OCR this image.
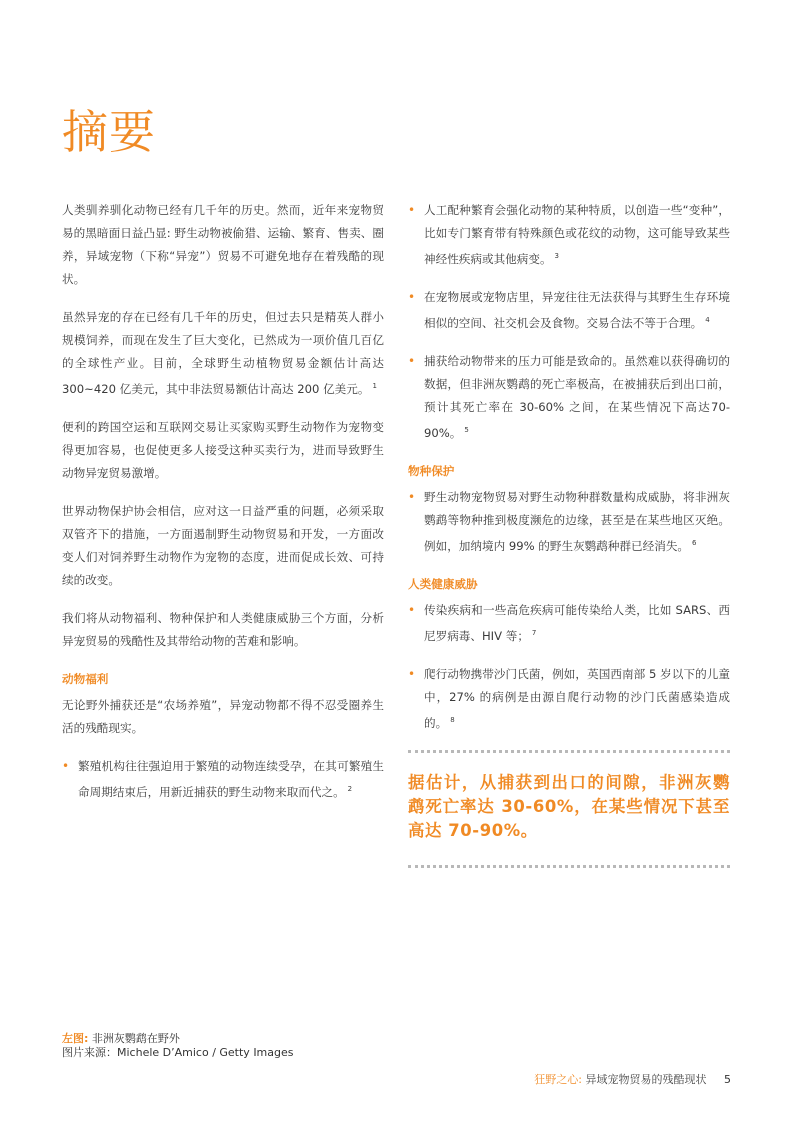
摘要

人类驯养驯化动物已经有几千年的历史。然而，近年来宠物贸易的黑暗面日益凸显: 野生动物被偷猎、运输、繁育、售卖、圈养，异域宠物（下称“异宠”）贸易不可避免地存在着残酷的现状。

虽然异宠的存在已经有几千年的历史，但过去只是精英人群小规模饲养，而现在发生了巨大变化，已然成为一项价值几百亿的全球性产业。目前，全球野生动植物贸易金额估计高达300~420 亿美元，其中非法贸易额估计高达 200 亿美元。 $^1$

便利的跨国空运和互联网交易让买家购买野生动物作为宠物变得更加容易，也促使更多人接受这种买卖行为，进而导致野生动物异宠贸易激增。

世界动物保护协会相信，应对这一日益严重的问题，必须采取双管齐下的措施，一方面遏制野生动物贸易和开发，一方面改变人们对饲养野生动物作为宠物的态度，进而促成长效、可持续的改变。

我们将从动物福利、物种保护和人类健康威胁三个方面，分析异宠贸易的残酷性及其带给动物的苦难和影响。

动物福利

无论野外捕获还是“农场养殖”，异宠动物都不得不忍受圈养生活的残酷现实。

• 繁殖机构往往强迫用于繁殖的动物连续受孕，在其可繁殖生命周期结束后，用新近捕获的野生动物来取而代之。 $^2$
• 人工配种繁育会强化动物的某种特质，以创造一些“变种”，比如专门繁育带有特殊颜色或花纹的动物，这可能导致某些神经性疾病或其他病变。 $^3$
• 在宠物展或宠物店里，异宠往往无法获得与其野生生存环境相似的空间、社交机会及食物。交易合法不等于合理。 $^4$
• 捕获给动物带来的压力可能是致命的。虽然难以获得确切的数据，但非洲灰鹦鹉的死亡率极高，在被捕获后到出口前，预计其死亡率在 30-60% 之间，在某些情况下高达70-90%。 $^5$
物种保护
• 野生动物宠物贸易对野生动物种群数量构成威胁，将非洲灰鹦鹉等物种推到极度濒危的边缘，甚至是在某些地区灭绝。例如，加纳境内 99% 的野生灰鹦鹉种群已经消失。 $^6$
人类健康威胁
• 传染疾病和一些高危疾病可能传染给人类，比如 SARS、西尼罗病毒、HIV 等； $^7$
• 爬行动物携带沙门氏菌，例如，英国西南部 5 岁以下的儿童中，27% 的病例是由源自爬行动物的沙门氏菌感染造成的。 $^8$
据估计，从捕获到出口的间隙，非洲灰鹦鹉死亡率达 30-60%，在某些情况下甚至高达 70-90%。
左图: 非洲灰鹦鹉在野外
图片来源：Michele D’Amico / Getty Images
狂野之心: 异域宠物贸易的残酷现状 5
